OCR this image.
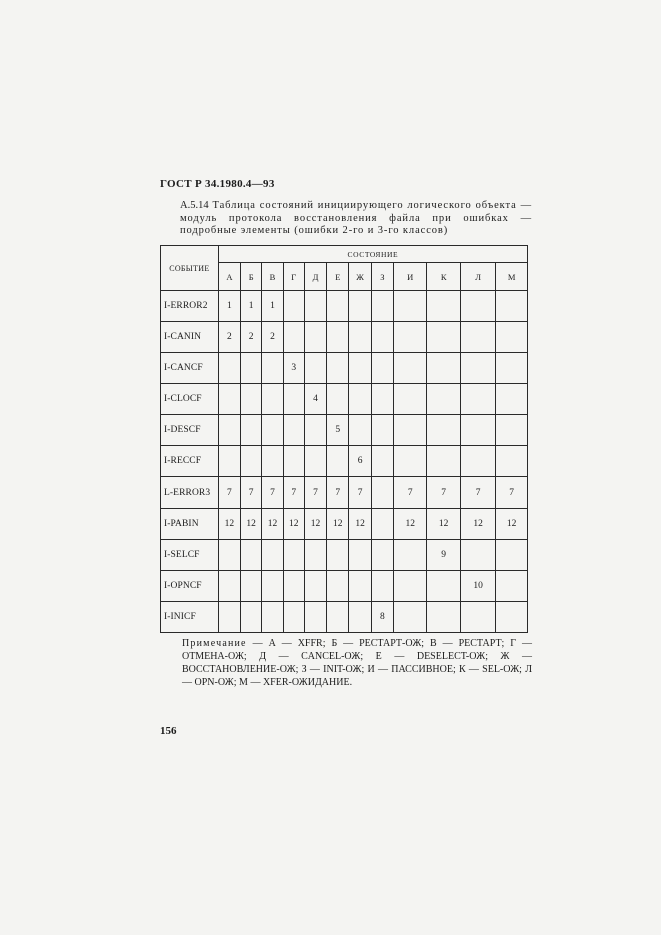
ГОСТ Р 34.1980.4—93
А.5.14 Таблица состояний инициирующего логического объекта — модуль протокола восстановления файла при ошибках — подробные элементы (ошибки 2-го и 3-го классов)
СОБЫТИЕ	СОСТОЯНИЕ											
	А	Б	В	Г	Д	Е	Ж	З	И	К	Л	М
I-ERROR2	1	1	1									
I-CANIN	2	2	2									
I-CANCF				3								
I-CLOCF					4							
I-DESCF						5						
I-RECCF							6					
L-ERROR3	7	7	7	7	7	7	7		7	7	7	7
I-PABIN	12	12	12	12	12	12	12		12	12	12	12
I-SELCF										9		
I-OPNCF											10	
I-INICF								8				
Примечание — А — XFFR; Б — РЕСТАРТ-ОЖ; В — РЕСТАРТ; Г — ОТМЕНА-ОЖ; Д — CANCEL-ОЖ; Е — DESELECT-ОЖ; Ж — ВОССТАНОВЛЕНИЕ-ОЖ; З — INIT-ОЖ; И — ПАССИВНОЕ; К — SEL-ОЖ; Л — OPN-ОЖ; М — XFER-ОЖИДАНИЕ.
156
